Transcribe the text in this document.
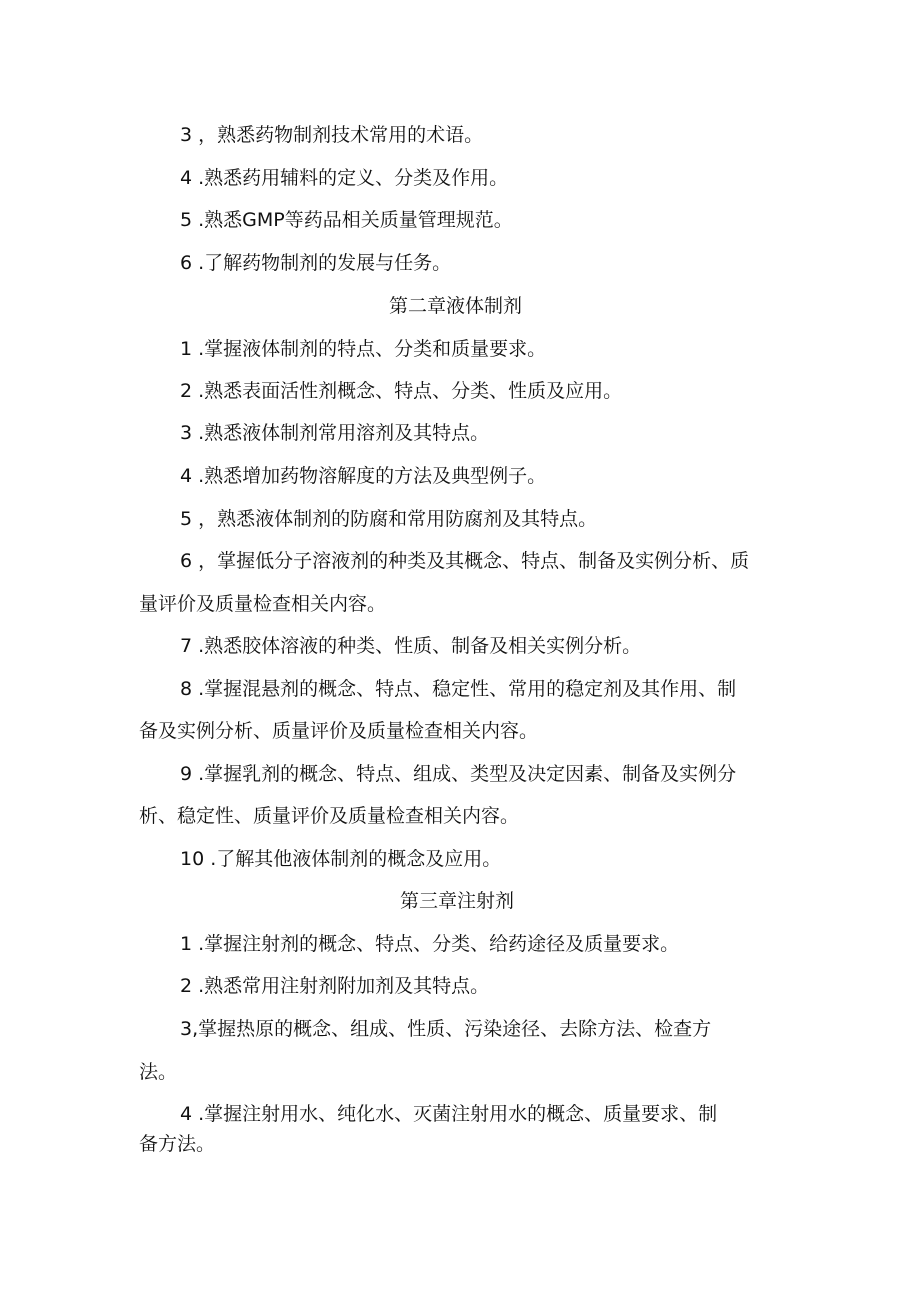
3 ，熟悉药物制剂技术常用的术语。
4 .熟悉药用辅料的定义、分类及作用。
5 .熟悉GMP等药品相关质量管理规范。
6 .了解药物制剂的发展与任务。
第二章液体制剂
1 .掌握液体制剂的特点、分类和质量要求。
2 .熟悉表面活性剂概念、特点、分类、性质及应用。
3 .熟悉液体制剂常用溶剂及其特点。
4 .熟悉增加药物溶解度的方法及典型例子。
5 ，熟悉液体制剂的防腐和常用防腐剂及其特点。
6 ，掌握低分子溶液剂的种类及其概念、特点、制备及实例分析、质
量评价及质量检查相关内容。
7 .熟悉胶体溶液的种类、性质、制备及相关实例分析。
8 .掌握混悬剂的概念、特点、稳定性、常用的稳定剂及其作用、制
备及实例分析、质量评价及质量检查相关内容。
9 .掌握乳剂的概念、特点、组成、类型及决定因素、制备及实例分
析、稳定性、质量评价及质量检查相关内容。
10 .了解其他液体制剂的概念及应用。
第三章注射剂
1 .掌握注射剂的概念、特点、分类、给药途径及质量要求。
2 .熟悉常用注射剂附加剂及其特点。
3,掌握热原的概念、组成、性质、污染途径、去除方法、检查方
法。
4 .掌握注射用水、纯化水、灭菌注射用水的概念、质量要求、制
备方法。
